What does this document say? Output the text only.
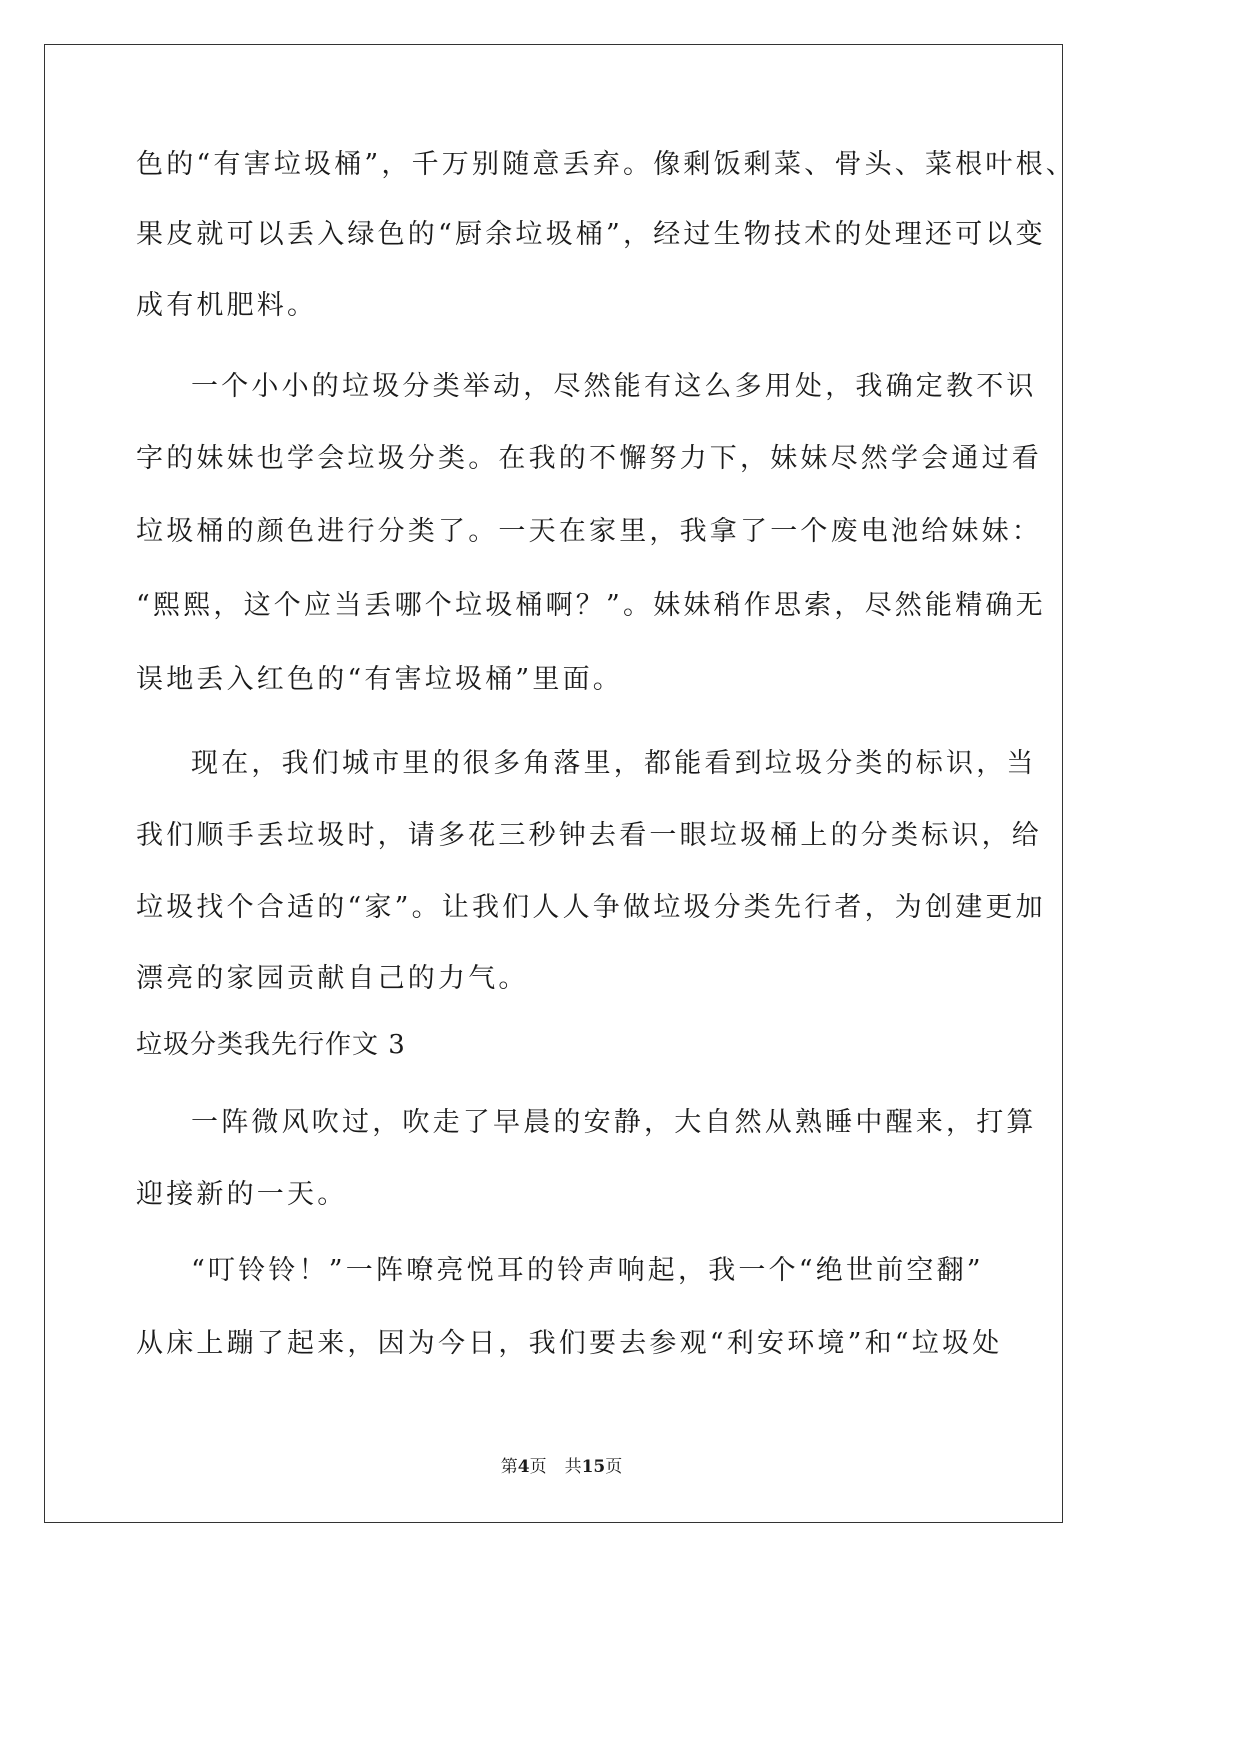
色的“有害垃圾桶”，千万别随意丢弃。像剩饭剩菜、骨头、菜根叶根、
果皮就可以丢入绿色的“厨余垃圾桶”，经过生物技术的处理还可以变
成有机肥料。
一个小小的垃圾分类举动，尽然能有这么多用处，我确定教不识
字的妹妹也学会垃圾分类。在我的不懈努力下，妹妹尽然学会通过看
垃圾桶的颜色进行分类了。一天在家里，我拿了一个废电池给妹妹：
“熙熙，这个应当丢哪个垃圾桶啊？”。妹妹稍作思索，尽然能精确无
误地丢入红色的“有害垃圾桶”里面。
现在，我们城市里的很多角落里，都能看到垃圾分类的标识，当
我们顺手丢垃圾时，请多花三秒钟去看一眼垃圾桶上的分类标识，给
垃圾找个合适的“家”。让我们人人争做垃圾分类先行者，为创建更加
漂亮的家园贡献自己的力气。
垃圾分类我先行作文 3
一阵微风吹过，吹走了早晨的安静，大自然从熟睡中醒来，打算
迎接新的一天。
“叮铃铃！”一阵嘹亮悦耳的铃声响起，我一个“绝世前空翻”
从床上蹦了起来，因为今日，我们要去参观“利安环境”和“垃圾处
第4页 共15页
